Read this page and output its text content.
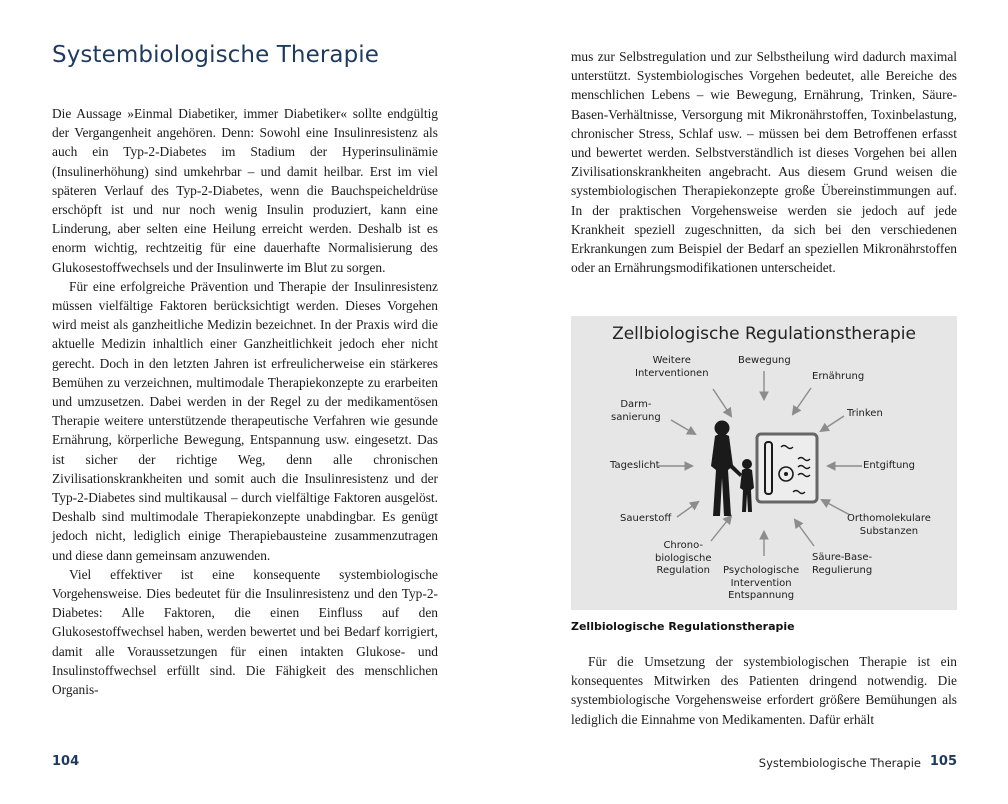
Systembiologische Therapie

Die Aussage »Einmal Diabetiker, immer Diabetiker« sollte endgültig der Vergangenheit angehören. Denn: Sowohl eine Insulinresistenz als auch ein Typ-2-Diabetes im Stadium der Hyperinsulinämie (Insulinerhöhung) sind umkehrbar – und damit heilbar. Erst im viel späteren Verlauf des Typ-2-Diabetes, wenn die Bauchspeicheldrüse erschöpft ist und nur noch wenig Insulin produziert, kann eine Linderung, aber selten eine Heilung erreicht werden. Deshalb ist es enorm wichtig, rechtzeitig für eine dauerhafte Normalisierung des Glukosestoffwechsels und der Insulinwerte im Blut zu sorgen.

Für eine erfolgreiche Prävention und Therapie der Insulinresistenz müssen vielfältige Faktoren berücksichtigt werden. Dieses Vorgehen wird meist als ganzheitliche Medizin bezeichnet. In der Praxis wird die aktuelle Medizin inhaltlich einer Ganzheitlichkeit jedoch eher nicht gerecht. Doch in den letzten Jahren ist erfreulicherweise ein stärkeres Bemühen zu verzeichnen, multimodale Therapiekonzepte zu erarbeiten und umzusetzen. Dabei werden in der Regel zu der medikamentösen Therapie weitere unterstützende therapeutische Verfahren wie gesunde Ernährung, körperliche Bewegung, Entspannung usw. eingesetzt. Das ist sicher der richtige Weg, denn alle chronischen Zivilisationskrankheiten und somit auch die Insulinresistenz und der Typ-2-Diabetes sind multikausal – durch vielfältige Faktoren ausgelöst. Deshalb sind multimodale Therapiekonzepte unabdingbar. Es genügt jedoch nicht, lediglich einige Therapiebausteine zusammenzutragen und diese dann gemeinsam anzuwenden.

Viel effektiver ist eine konsequente systembiologische Vorgehensweise. Dies bedeutet für die Insulinresistenz und den Typ-2-Diabetes: Alle Faktoren, die einen Einfluss auf den Glukosestoffwechsel haben, werden bewertet und bei Bedarf korrigiert, damit alle Voraussetzungen für einen intakten Glukose- und Insulinstoffwechsel erfüllt sind. Die Fähigkeit des menschlichen Organis-

104

mus zur Selbstregulation und zur Selbstheilung wird dadurch maximal unterstützt. Systembiologisches Vorgehen bedeutet, alle Bereiche des menschlichen Lebens – wie Bewegung, Ernährung, Trinken, Säure-Basen-Verhältnisse, Versorgung mit Mikronährstoffen, Toxinbelastung, chronischer Stress, Schlaf usw. – müssen bei dem Betroffenen erfasst und bewertet werden. Selbstverständlich ist dieses Vorgehen bei allen Zivilisationskrankheiten angebracht. Aus diesem Grund weisen die systembiologischen Therapiekonzepte große Übereinstimmungen auf. In der praktischen Vorgehensweise werden sie jedoch auf jede Krankheit speziell zugeschnitten, da sich bei den verschiedenen Erkrankungen zum Beispiel der Bedarf an speziellen Mikronährstoffen oder an Ernährungsmodifikationen unterscheidet.

Zellbiologische Regulationstherapie
Weitere
Interventionen
Bewegung
Ernährung
Darm-
sanierung	Trinken
Tageslicht	Entgiftung
Sauerstoff	Orthomolekulare
Substanzen
Chrono-
biologische
Regulation Psychologische
Intervention
Entspannung
Säure-Base-
Regulierung
Zellbiologische Regulationstherapie

Für die Umsetzung der systembiologischen Therapie ist ein konsequentes Mitwirken des Patienten dringend notwendig. Die systembiologische Vorgehensweise erfordert größere Bemühungen als lediglich die Einnahme von Medikamenten. Dafür erhält

Systembiologische Therapie 105
